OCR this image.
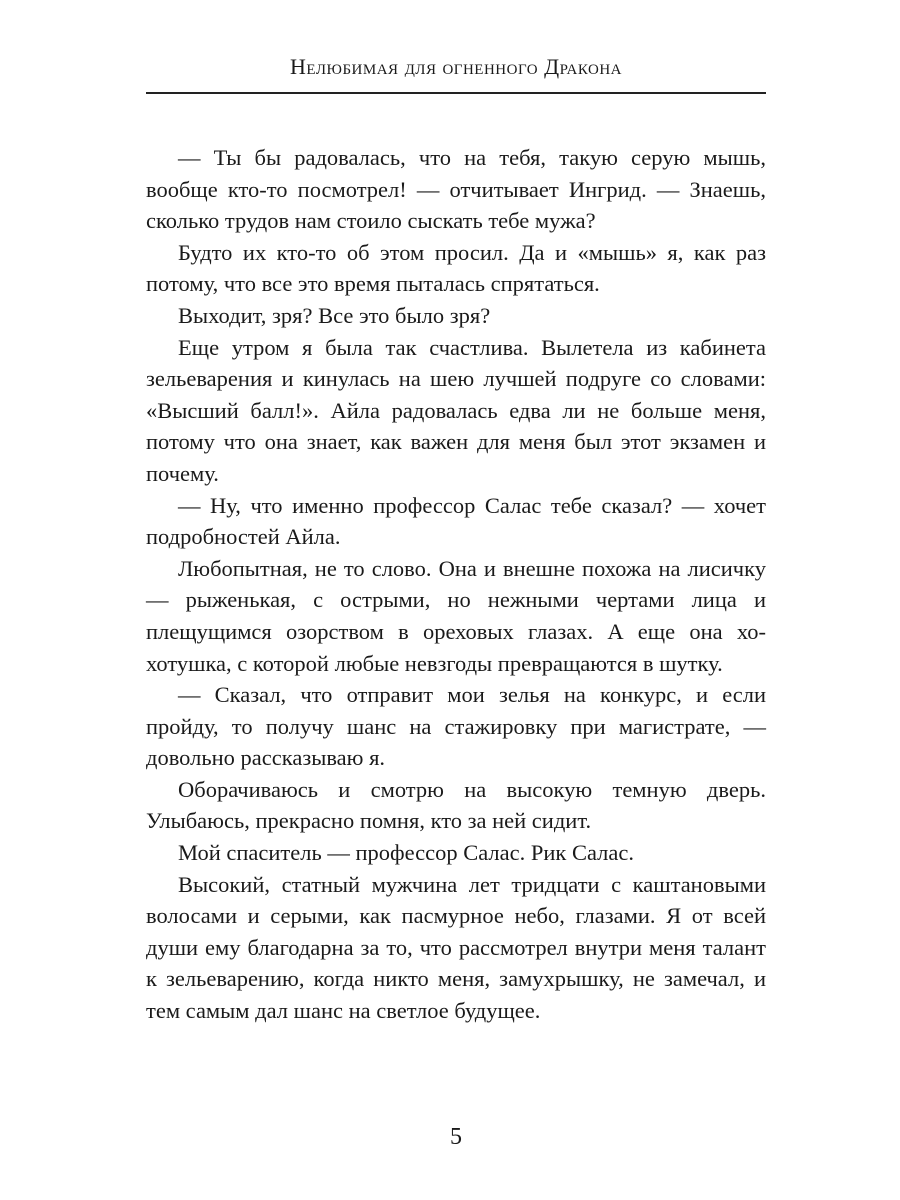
Нелюбимая для огненного Дракона

— Ты бы радовалась, что на тебя, такую серую мышь, вообще кто-то посмотрел! — отчитывает Ингрид. — Знаешь, сколько трудов нам стоило сыскать тебе мужа?

Будто их кто-то об этом просил. Да и «мышь» я, как раз потому, что все это время пыталась спрятаться.

Выходит, зря? Все это было зря?

Еще утром я была так счастлива. Вылетела из кабинета зельеварения и кинулась на шею лучшей подруге со словами: «Высший балл!». Айла радовалась едва ли не больше меня, потому что она знает, как важен для меня был этот экзамен и почему.

— Ну, что именно профессор Салас тебе сказал? — хочет подробностей Айла.

Любопытная, не то слово. Она и внешне похожа на лисичку — рыженькая, с острыми, но нежными чертами лица и плещущимся озорством в ореховых глазах. А еще она хохотушка, с которой любые невзгоды превращаются в шутку.

— Сказал, что отправит мои зелья на конкурс, и если пройду, то получу шанс на стажировку при магистрате, — довольно рассказываю я.

Оборачиваюсь и смотрю на высокую темную дверь. Улыбаюсь, прекрасно помня, кто за ней сидит.

Мой спаситель — профессор Салас. Рик Салас.

Высокий, статный мужчина лет тридцати с каштановыми волосами и серыми, как пасмурное небо, глазами. Я от всей души ему благодарна за то, что рассмотрел внутри меня талант к зельеварению, когда никто меня, замухрышку, не замечал, и тем самым дал шанс на светлое будущее.

5
